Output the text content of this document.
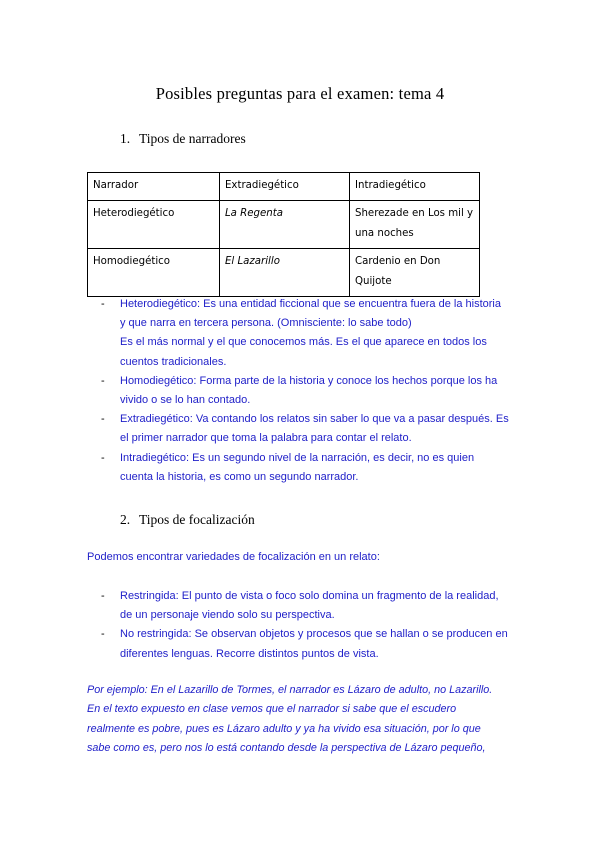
Posibles preguntas para el examen: tema 4
1. Tipos de narradores
Narrador	Extradiegético	Intradiegético
Heterodiegético	La Regenta	Sherezade en Los mil y una noches
Homodiegético	El Lazarillo	Cardenio en Don Quijote
- Heterodiegético: Es una entidad ficcional que se encuentra fuera de la historia
y que narra en tercera persona. (Omnisciente: lo sabe todo)
Es el más normal y el que conocemos más. Es el que aparece en todos los
cuentos tradicionales.
- Homodiegético: Forma parte de la historia y conoce los hechos porque los ha
vivido o se lo han contado.
- Extradiegético: Va contando los relatos sin saber lo que va a pasar después. Es
el primer narrador que toma la palabra para contar el relato.
- Intradiegético: Es un segundo nivel de la narración, es decir, no es quien
cuenta la historia, es como un segundo narrador.
2. Tipos de focalización
Podemos encontrar variedades de focalización en un relato:
- Restringida: El punto de vista o foco solo domina un fragmento de la realidad,
de un personaje viendo solo su perspectiva.
- No restringida: Se observan objetos y procesos que se hallan o se producen en
diferentes lenguas. Recorre distintos puntos de vista.
Por ejemplo: En el Lazarillo de Tormes, el narrador es Lázaro de adulto, no Lazarillo.
En el texto expuesto en clase vemos que el narrador si sabe que el escudero
realmente es pobre, pues es Lázaro adulto y ya ha vivido esa situación, por lo que
sabe como es, pero nos lo está contando desde la perspectiva de Lázaro pequeño,
